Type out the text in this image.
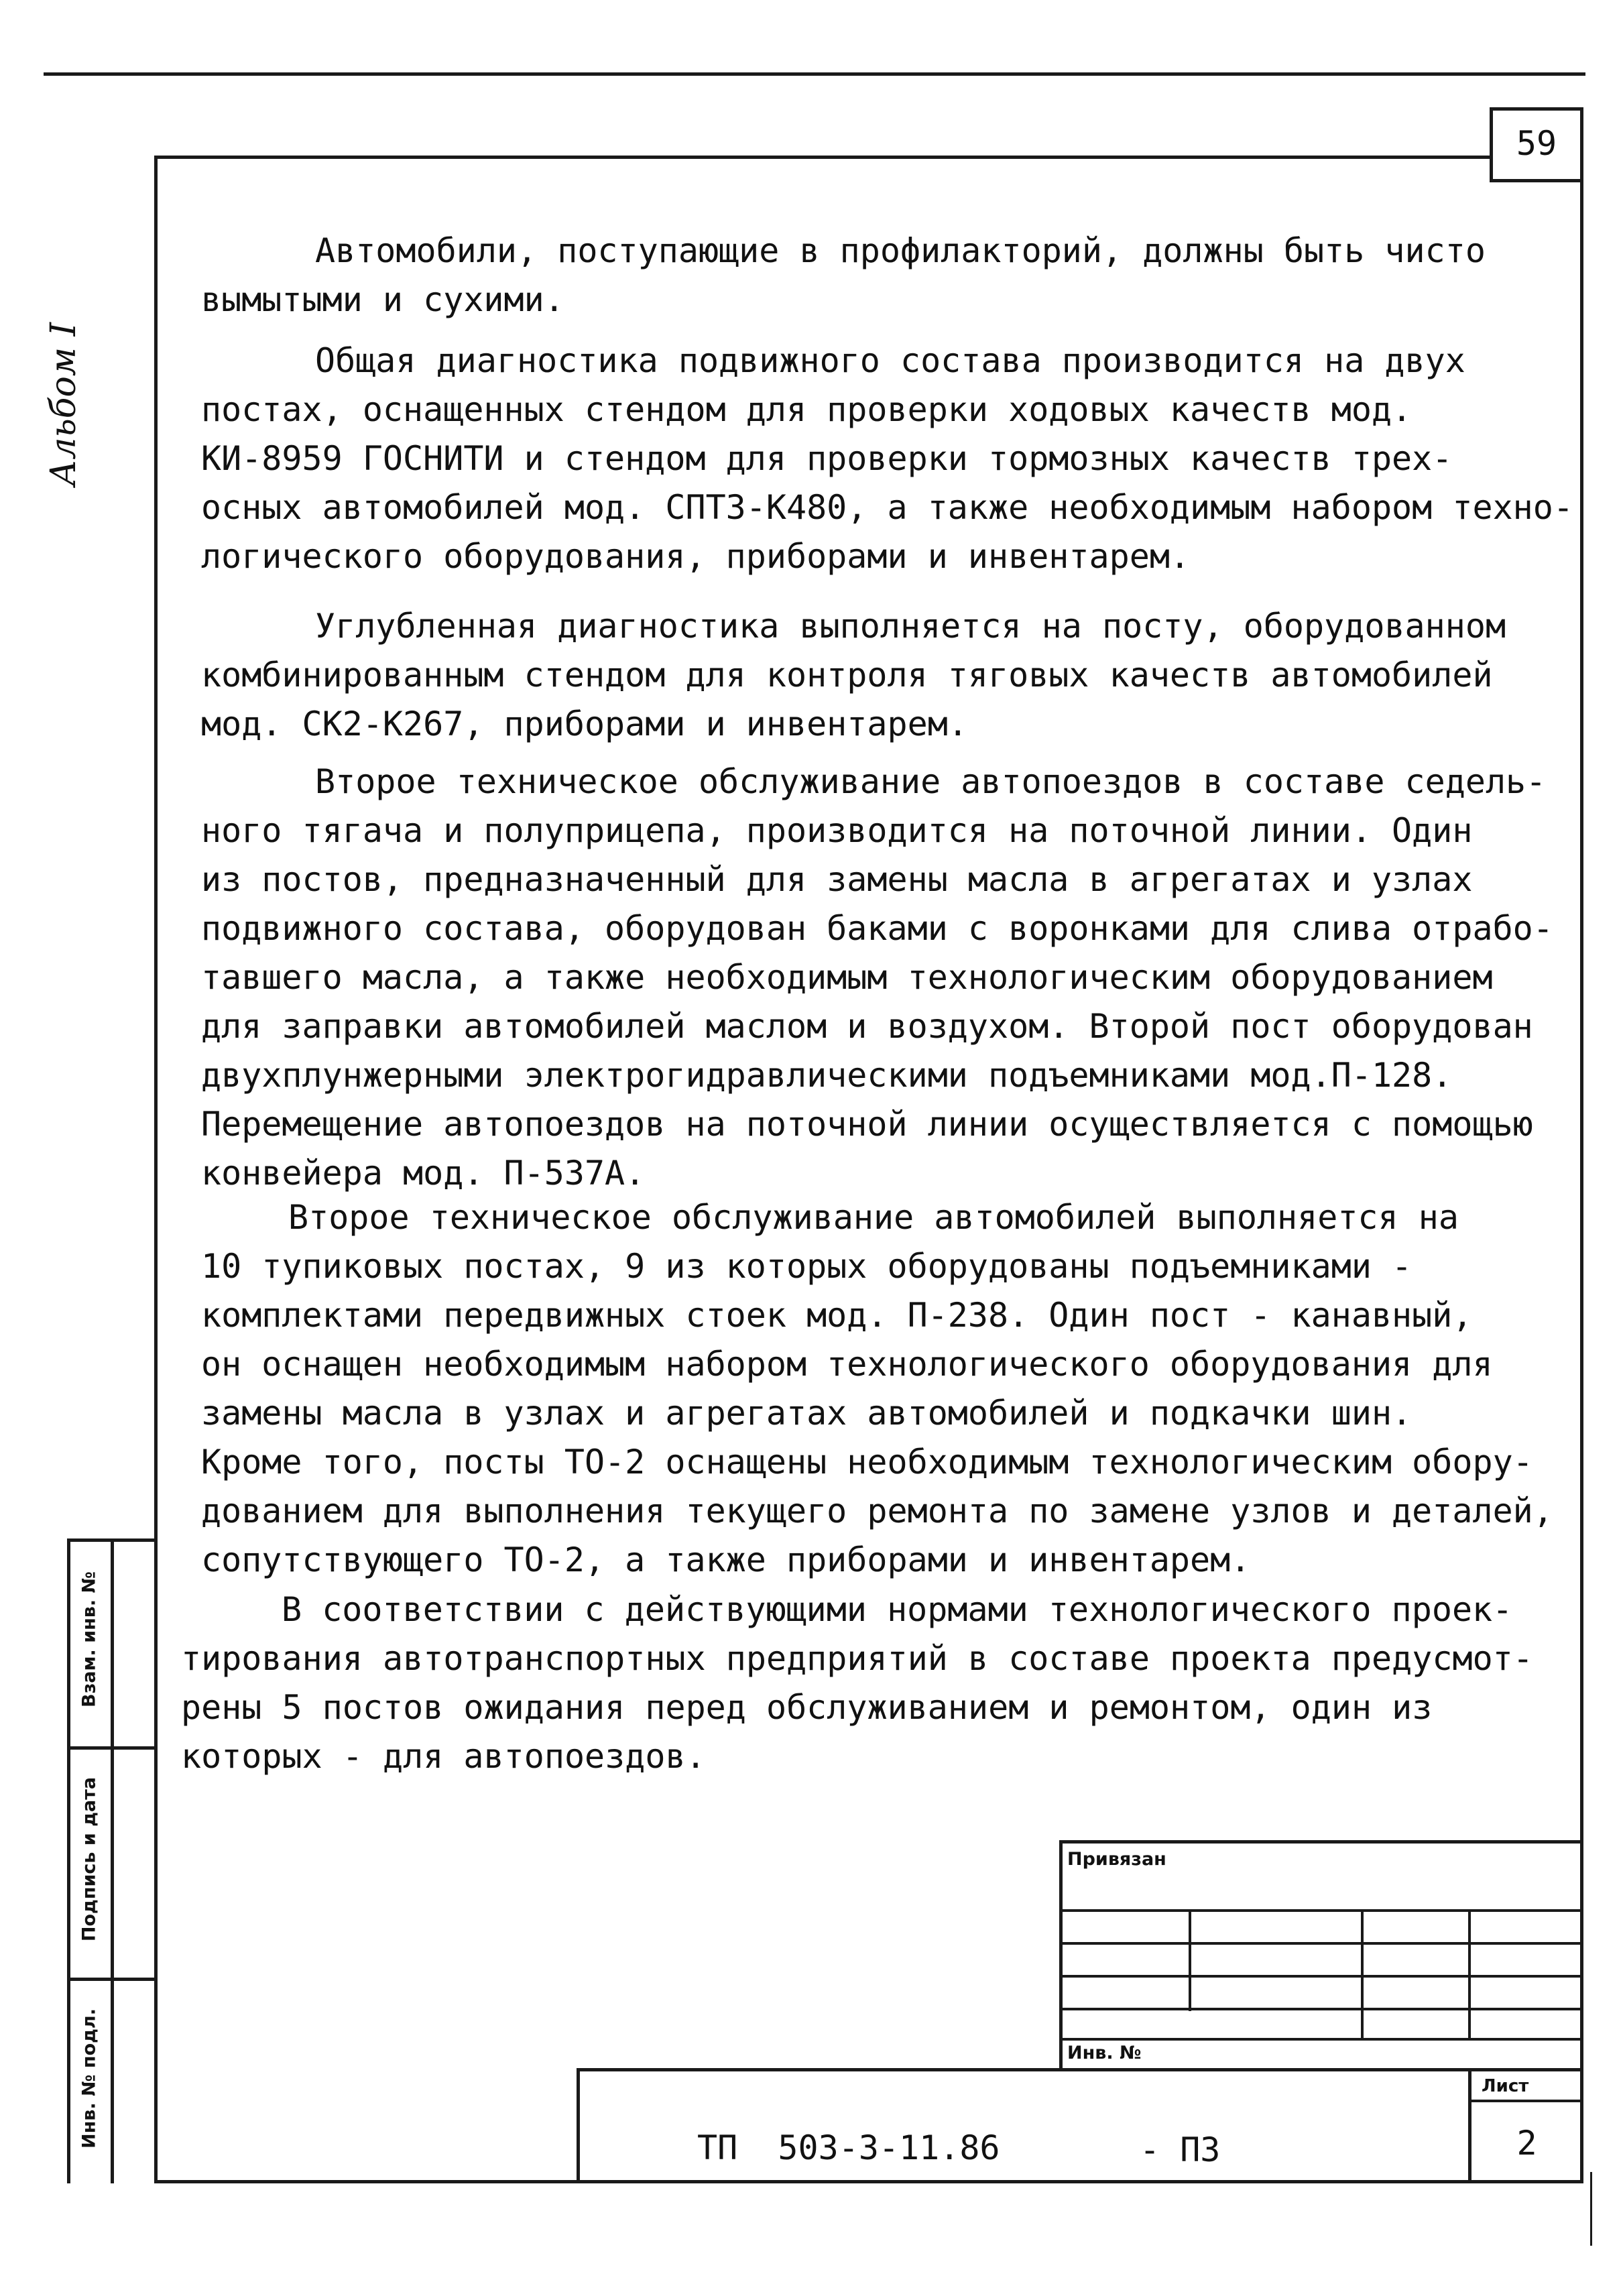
59
Альбом I
Автомобили, поступающие в профилакторий, должны быть чисто
вымытыми и сухими.
Общая диагностика подвижного состава производится на двух
постах, оснащенных стендом для проверки ходовых качеств мод.
КИ-8959 ГОСНИТИ и стендом для проверки тормозных качеств трех-
осных автомобилей мод. СПТЗ-К480, а также необходимым набором техно-
логического оборудования, приборами и инвентарем.
Углубленная диагностика выполняется на посту, оборудованном
комбинированным стендом для контроля тяговых качеств автомобилей
мод. СК2-К267, приборами и инвентарем.
Второе техническое обслуживание автопоездов в составе седель-
ного тягача и полуприцепа, производится на поточной линии. Один
из постов, предназначенный для замены масла в агрегатах и узлах
подвижного состава, оборудован баками с воронками для слива отрабо-
тавшего масла, а также необходимым технологическим оборудованием
для заправки автомобилей маслом и воздухом. Второй пост оборудован
двухплунжерными электрогидравлическими подъемниками мод.П-128.
Перемещение автопоездов на поточной линии осуществляется с помощью
конвейера мод. П-537А.
Второе техническое обслуживание автомобилей выполняется на
10 тупиковых постах, 9 из которых оборудованы подъемниками -
комплектами передвижных стоек мод. П-238. Один пост - канавный,
он оснащен необходимым набором технологического оборудования для
замены масла в узлах и агрегатах автомобилей и подкачки шин.
Кроме того, посты ТО-2 оснащены необходимым технологическим обору-
дованием для выполнения текущего ремонта по замене узлов и деталей,
сопутствующего ТО-2, а также приборами и инвентарем.
В соответствии с действующими нормами технологического проек-
тирования автотранспортных предприятий в составе проекта предусмот-
рены 5 постов ожидания перед обслуживанием и ремонтом, один из
которых - для автопоездов.
Взам. инв. №
Подпись и дата
Инв. № подл.
Привязан
Инв. №
ТП  503-3-11.86	- ПЗ
Лист
2
